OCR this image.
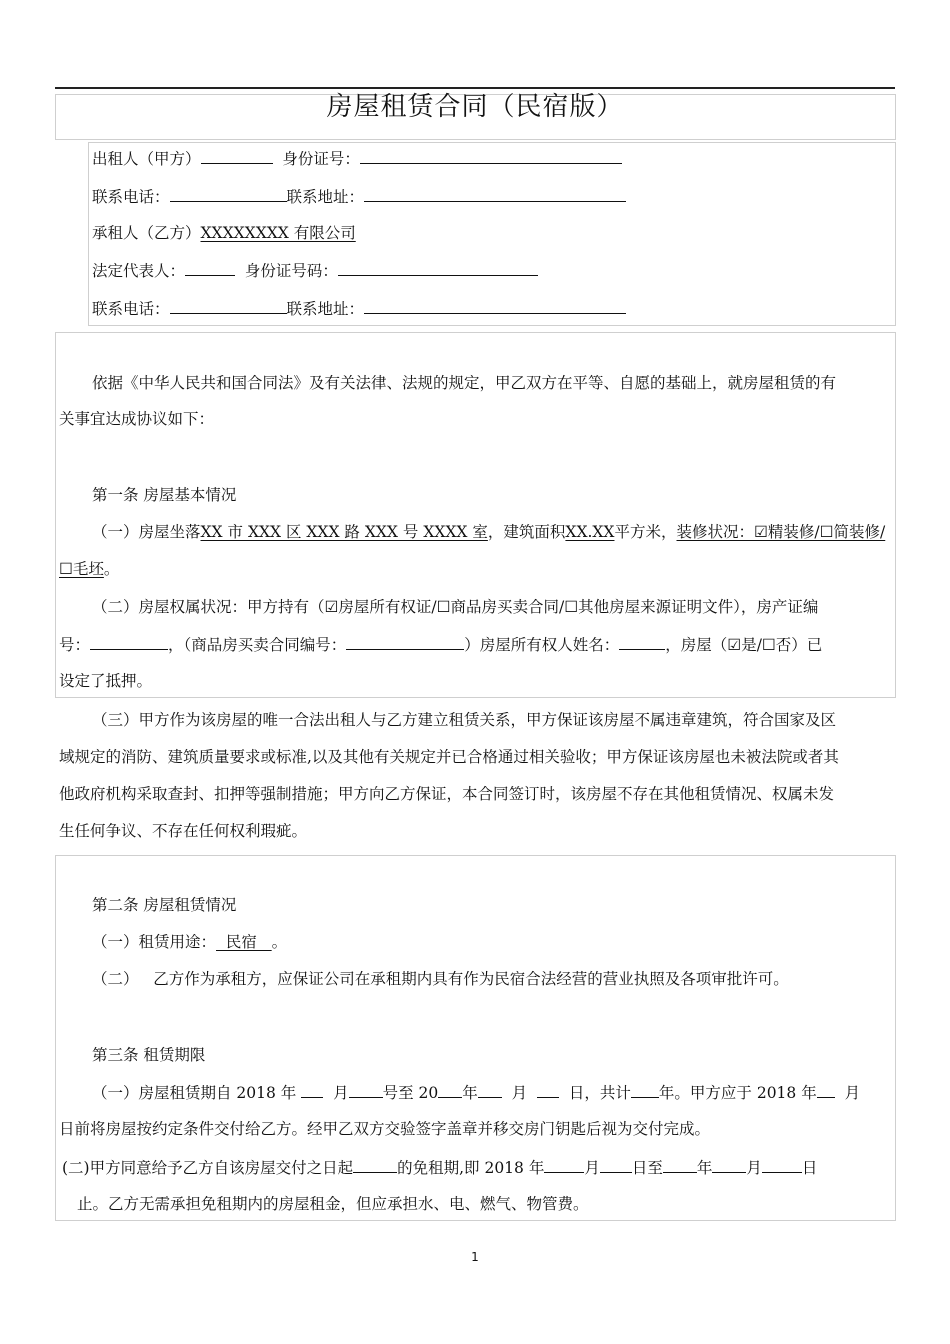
房屋租赁合同（民宿版）
出租人（甲方）	身份证号：
联系电话：	联系地址：
承租人（乙方）XXXXXXXX 有限公司
法定代表人：	身份证号码：
联系电话：	联系地址：
依据《中华人民共和国合同法》及有关法律、法规的规定，甲乙双方在平等、自愿的基础上，就房屋租赁的有
关事宜达成协议如下：
第一条 房屋基本情况
（一）房屋坐落XX 市 XXX 区 XXX 路 XXX 号 XXXX 室，建筑面积XX.XX平方米，装修状况：☑精装修/☐简装修/
☐毛坯。
（二）房屋权属状况：甲方持有（☑房屋所有权证/☐商品房买卖合同/☐其他房屋来源证明文件），房产证编
号：	，（商品房买卖合同编号：	）房屋所有权人姓名：	，房屋（☑是/☐否）已
设定了抵押。
（三）甲方作为该房屋的唯一合法出租人与乙方建立租赁关系，甲方保证该房屋不属违章建筑，符合国家及区
域规定的消防、建筑质量要求或标准,以及其他有关规定并已合格通过相关验收；甲方保证该房屋也未被法院或者其
他政府机构采取查封、扣押等强制措施；甲方向乙方保证，本合同签订时，该房屋不存在其他租赁情况、权属未发
生任何争议、不存在任何权利瑕疵。
第二条 房屋租赁情况
（一）租赁用途：  民宿   。
（二）   乙方作为承租方，应保证公司在承租期内具有作为民宿合法经营的营业执照及各项审批许可。
第三条 租赁期限
（一）房屋租赁期自 2018 年 月 号至 20 年 月	日，共计 年。甲方应于 2018 年 月
日前将房屋按约定条件交付给乙方。经甲乙双方交验签字盖章并移交房门钥匙后视为交付完成。
(二)甲方同意给予乙方自该房屋交付之日起	的免租期,即 2018 年	月 日至 年 月	日
止。乙方无需承担免租期内的房屋租金，但应承担水、电、燃气、物管费。
1
